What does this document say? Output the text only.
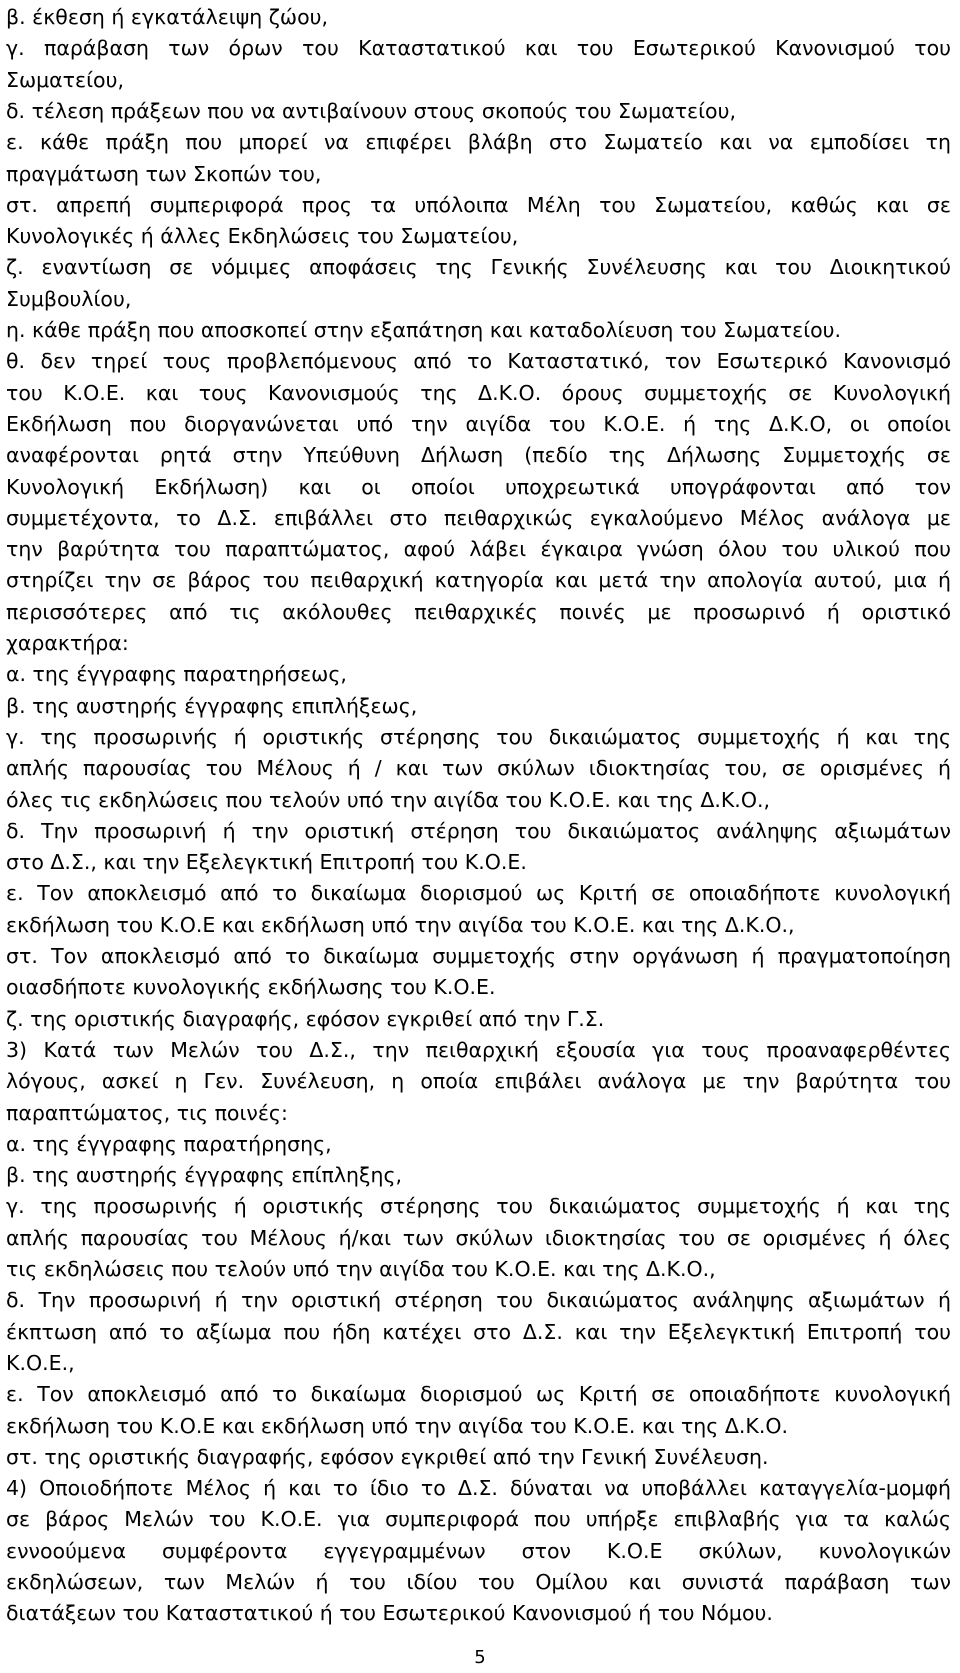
β. έκθεση ή εγκατάλειψη ζώου,
γ. παράβαση των όρων του Καταστατικού και του Εσωτερικού Κανονισμού του
Σωματείου,
δ. τέλεση πράξεων που να αντιβαίνουν στους σκοπούς του Σωματείου,
ε. κάθε πράξη που μπορεί να επιφέρει βλάβη στο Σωματείο και να εμποδίσει τη
πραγμάτωση των Σκοπών του,
στ. απρεπή συμπεριφορά προς τα υπόλοιπα Μέλη του Σωματείου, καθώς και σε
Κυνολογικές ή άλλες Εκδηλώσεις του Σωματείου,
ζ. εναντίωση σε νόμιμες αποφάσεις της Γενικής Συνέλευσης και του Διοικητικού
Συμβουλίου,
η. κάθε πράξη που αποσκοπεί στην εξαπάτηση και καταδολίευση του Σωματείου.
θ. δεν τηρεί τους προβλεπόμενους από το Καταστατικό, τον Εσωτερικό Κανονισμό
του Κ.Ο.Ε. και τους Κανονισμούς της Δ.Κ.Ο. όρους συμμετοχής σε Κυνολογική
Εκδήλωση που διοργανώνεται υπό την αιγίδα του Κ.Ο.Ε. ή της Δ.Κ.Ο, οι οποίοι
αναφέρονται ρητά στην Υπεύθυνη Δήλωση (πεδίο της Δήλωσης Συμμετοχής σε
Κυνολογική Εκδήλωση) και οι οποίοι υποχρεωτικά υπογράφονται από τον
συμμετέχοντα, το Δ.Σ. επιβάλλει στο πειθαρχικώς εγκαλούμενο Μέλος ανάλογα με
την βαρύτητα του παραπτώματος, αφού λάβει έγκαιρα γνώση όλου του υλικού που
στηρίζει την σε βάρος του πειθαρχική κατηγορία και μετά την απολογία αυτού, μια ή
περισσότερες από τις ακόλουθες πειθαρχικές ποινές με προσωρινό ή οριστικό
χαρακτήρα:
α. της έγγραφης παρατηρήσεως,
β. της αυστηρής έγγραφης επιπλήξεως,
γ. της προσωρινής ή οριστικής στέρησης του δικαιώματος συμμετοχής ή και της
απλής παρουσίας του Μέλους ή / και των σκύλων ιδιοκτησίας του, σε ορισμένες ή
όλες τις εκδηλώσεις που τελούν υπό την αιγίδα του Κ.Ο.Ε. και της Δ.Κ.Ο.,
δ. Την προσωρινή ή την οριστική στέρηση του δικαιώματος ανάληψης αξιωμάτων
στο Δ.Σ., και την Εξελεγκτική Επιτροπή του Κ.Ο.Ε.
ε. Τον αποκλεισμό από το δικαίωμα διορισμού ως Κριτή σε οποιαδήποτε κυνολογική
εκδήλωση του Κ.Ο.Ε και εκδήλωση υπό την αιγίδα του Κ.Ο.Ε. και της Δ.Κ.Ο.,
στ. Τον αποκλεισμό από το δικαίωμα συμμετοχής στην οργάνωση ή πραγματοποίηση
οιασδήποτε κυνολογικής εκδήλωσης του Κ.Ο.Ε.
ζ. της οριστικής διαγραφής, εφόσον εγκριθεί από την Γ.Σ.
3) Κατά των Μελών του Δ.Σ., την πειθαρχική εξουσία για τους προαναφερθέντες
λόγους, ασκεί η Γεν. Συνέλευση, η οποία επιβάλει ανάλογα με την βαρύτητα του
παραπτώματος, τις ποινές:
α. της έγγραφης παρατήρησης,
β. της αυστηρής έγγραφης επίπληξης,
γ. της προσωρινής ή οριστικής στέρησης του δικαιώματος συμμετοχής ή και της
απλής παρουσίας του Μέλους ή/και των σκύλων ιδιοκτησίας του σε ορισμένες ή όλες
τις εκδηλώσεις που τελούν υπό την αιγίδα του Κ.Ο.Ε. και της Δ.Κ.Ο.,
δ. Την προσωρινή ή την οριστική στέρηση του δικαιώματος ανάληψης αξιωμάτων ή
έκπτωση από το αξίωμα που ήδη κατέχει στο Δ.Σ. και την Εξελεγκτική Επιτροπή του
Κ.Ο.Ε.,
ε. Τον αποκλεισμό από το δικαίωμα διορισμού ως Κριτή σε οποιαδήποτε κυνολογική
εκδήλωση του Κ.Ο.Ε και εκδήλωση υπό την αιγίδα του Κ.Ο.Ε. και της Δ.Κ.Ο.
στ. της οριστικής διαγραφής, εφόσον εγκριθεί από την Γενική Συνέλευση.
4) Οποιοδήποτε Μέλος ή και το ίδιο το Δ.Σ. δύναται να υποβάλλει καταγγελία-μομφή
σε βάρος Μελών του Κ.Ο.Ε. για συμπεριφορά που υπήρξε επιβλαβής για τα καλώς
εννοούμενα συμφέροντα εγγεγραμμένων στον Κ.Ο.Ε σκύλων, κυνολογικών
εκδηλώσεων, των Μελών ή του ιδίου του Ομίλου και συνιστά παράβαση των
διατάξεων του Καταστατικού ή του Εσωτερικού Κανονισμού ή του Νόμου.
5
